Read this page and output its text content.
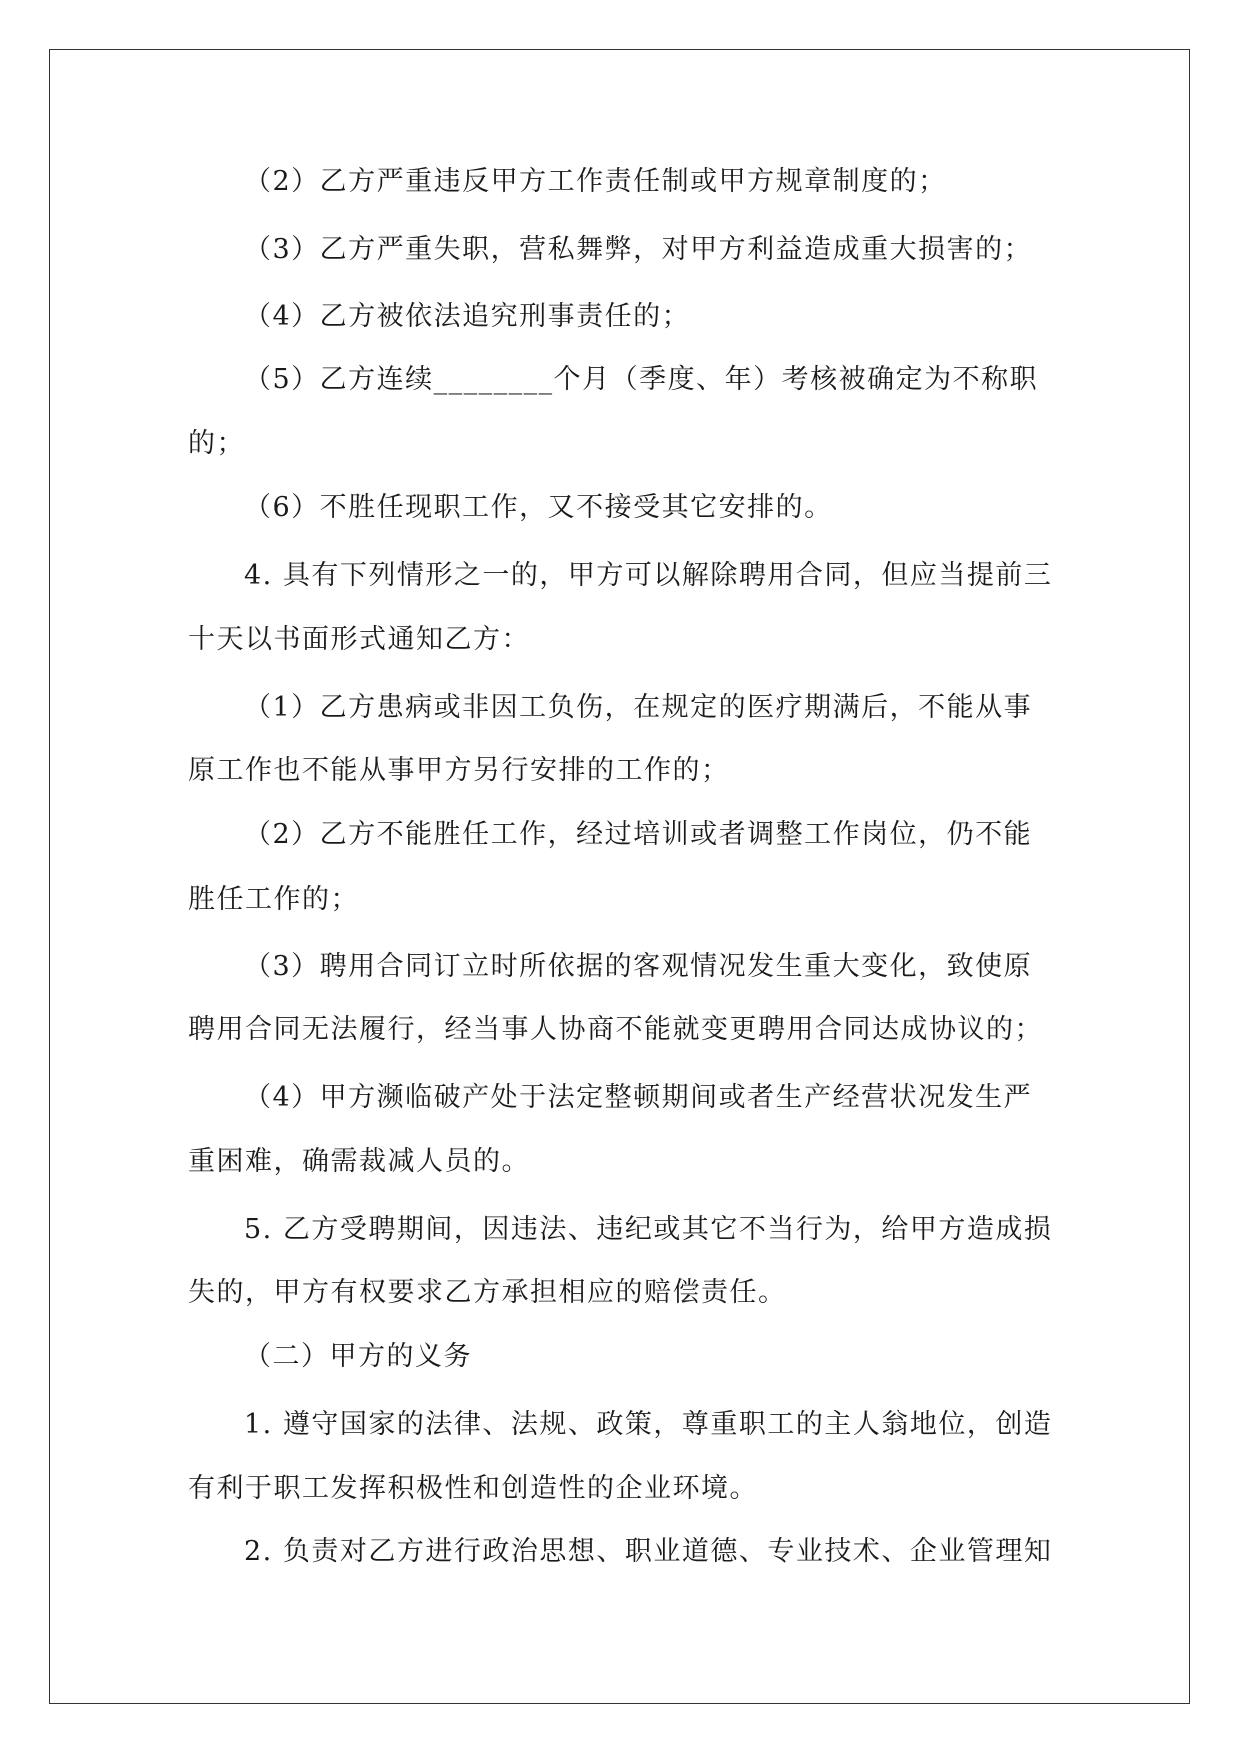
（2）乙方严重违反甲方工作责任制或甲方规章制度的；
（3）乙方严重失职，营私舞弊，对甲方利益造成重大损害的；
（4）乙方被依法追究刑事责任的；
（5）乙方连续________个月（季度、年）考核被确定为不称职
的；
（6）不胜任现职工作，又不接受其它安排的。
4. 具有下列情形之一的，甲方可以解除聘用合同，但应当提前三
十天以书面形式通知乙方：
（1）乙方患病或非因工负伤，在规定的医疗期满后，不能从事
原工作也不能从事甲方另行安排的工作的；
（2）乙方不能胜任工作，经过培训或者调整工作岗位，仍不能
胜任工作的；
（3）聘用合同订立时所依据的客观情况发生重大变化，致使原
聘用合同无法履行，经当事人协商不能就变更聘用合同达成协议的；
（4）甲方濒临破产处于法定整顿期间或者生产经营状况发生严
重困难，确需裁减人员的。
5. 乙方受聘期间，因违法、违纪或其它不当行为，给甲方造成损
失的，甲方有权要求乙方承担相应的赔偿责任。
（二）甲方的义务
1. 遵守国家的法律、法规、政策，尊重职工的主人翁地位，创造
有利于职工发挥积极性和创造性的企业环境。
2. 负责对乙方进行政治思想、职业道德、专业技术、企业管理知
